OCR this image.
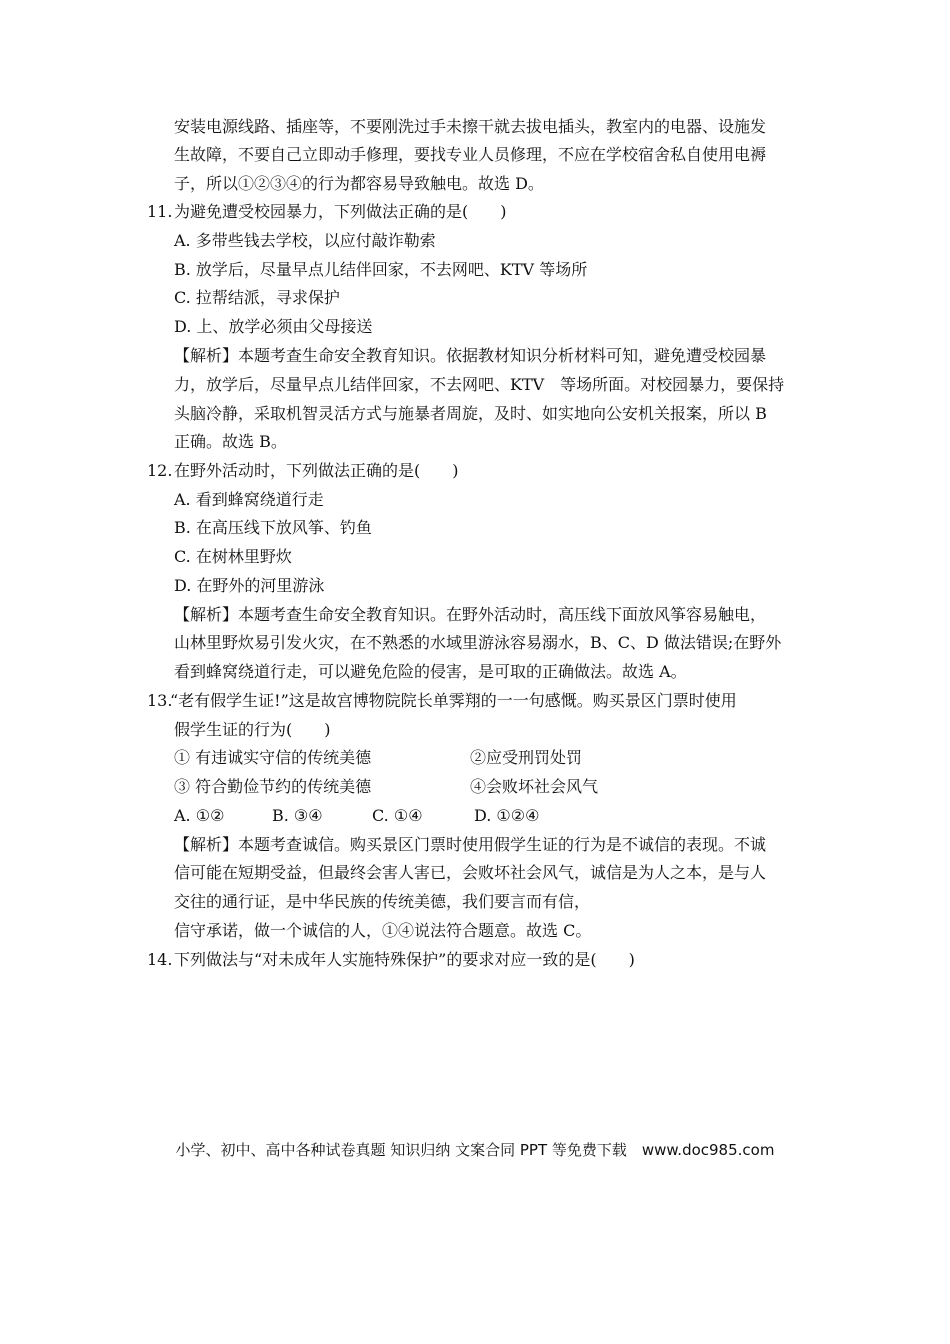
安装电源线路、插座等，不要刚洗过手未擦干就去拔电插头，教室内的电器、设施发
生故障，不要自己立即动手修理，要找专业人员修理，不应在学校宿舍私自使用电褥
子，所以①②③④的行为都容易导致触电。故选 D。
11. 为避免遭受校园暴力，下列做法正确的是(　　)
A. 多带些钱去学校，以应付敲诈勒索
B. 放学后，尽量早点儿结伴回家，不去网吧、KTV 等场所
C. 拉帮结派，寻求保护
D. 上、放学必须由父母接送
【解析】本题考查生命安全教育知识。依据教材知识分析材料可知，避免遭受校园暴
力，放学后，尽量早点儿结伴回家，不去网吧、KTV　等场所面。对校园暴力，要保持
头脑冷静，采取机智灵活方式与施暴者周旋，及时、如实地向公安机关报案，所以 B
正确。故选 B。
12. 在野外活动时，下列做法正确的是(　　)
A. 看到蜂窝绕道行走
B. 在高压线下放风筝、钓鱼
C. 在树林里野炊
D. 在野外的河里游泳
【解析】本题考查生命安全教育知识。在野外活动时，高压线下面放风筝容易触电，
山林里野炊易引发火灾，在不熟悉的水域里游泳容易溺水，B、C、D 做法错误;在野外
看到蜂窝绕道行走，可以避免危险的侵害，是可取的正确做法。故选 A。
13.
“老有假学生证!”这是故宫博物院院长单霁翔的一一句感慨。购买景区门票时使用
假学生证的行为(　　)
① 有违诚实守信的传统美德	②应受刑罚处罚
③ 符合勤俭节约的传统美德	④会败坏社会风气
A. ①②	B. ③④	C. ①④	D. ①②④
【解析】本题考查诚信。购买景区门票时使用假学生证的行为是不诚信的表现。不诚
信可能在短期受益，但最终会害人害已，会败坏社会风气，诚信是为人之本，是与人
交往的通行证，是中华民族的传统美德，我们要言而有信，
信守承诺，做一个诚信的人，①④说法符合题意。故选 C。
14. 下列做法与“对未成年人实施特殊保护”的要求对应一致的是(　　)
小学、初中、高中各种试卷真题 知识归纳 文案合同 PPT 等免费下载　www.doc985.com
